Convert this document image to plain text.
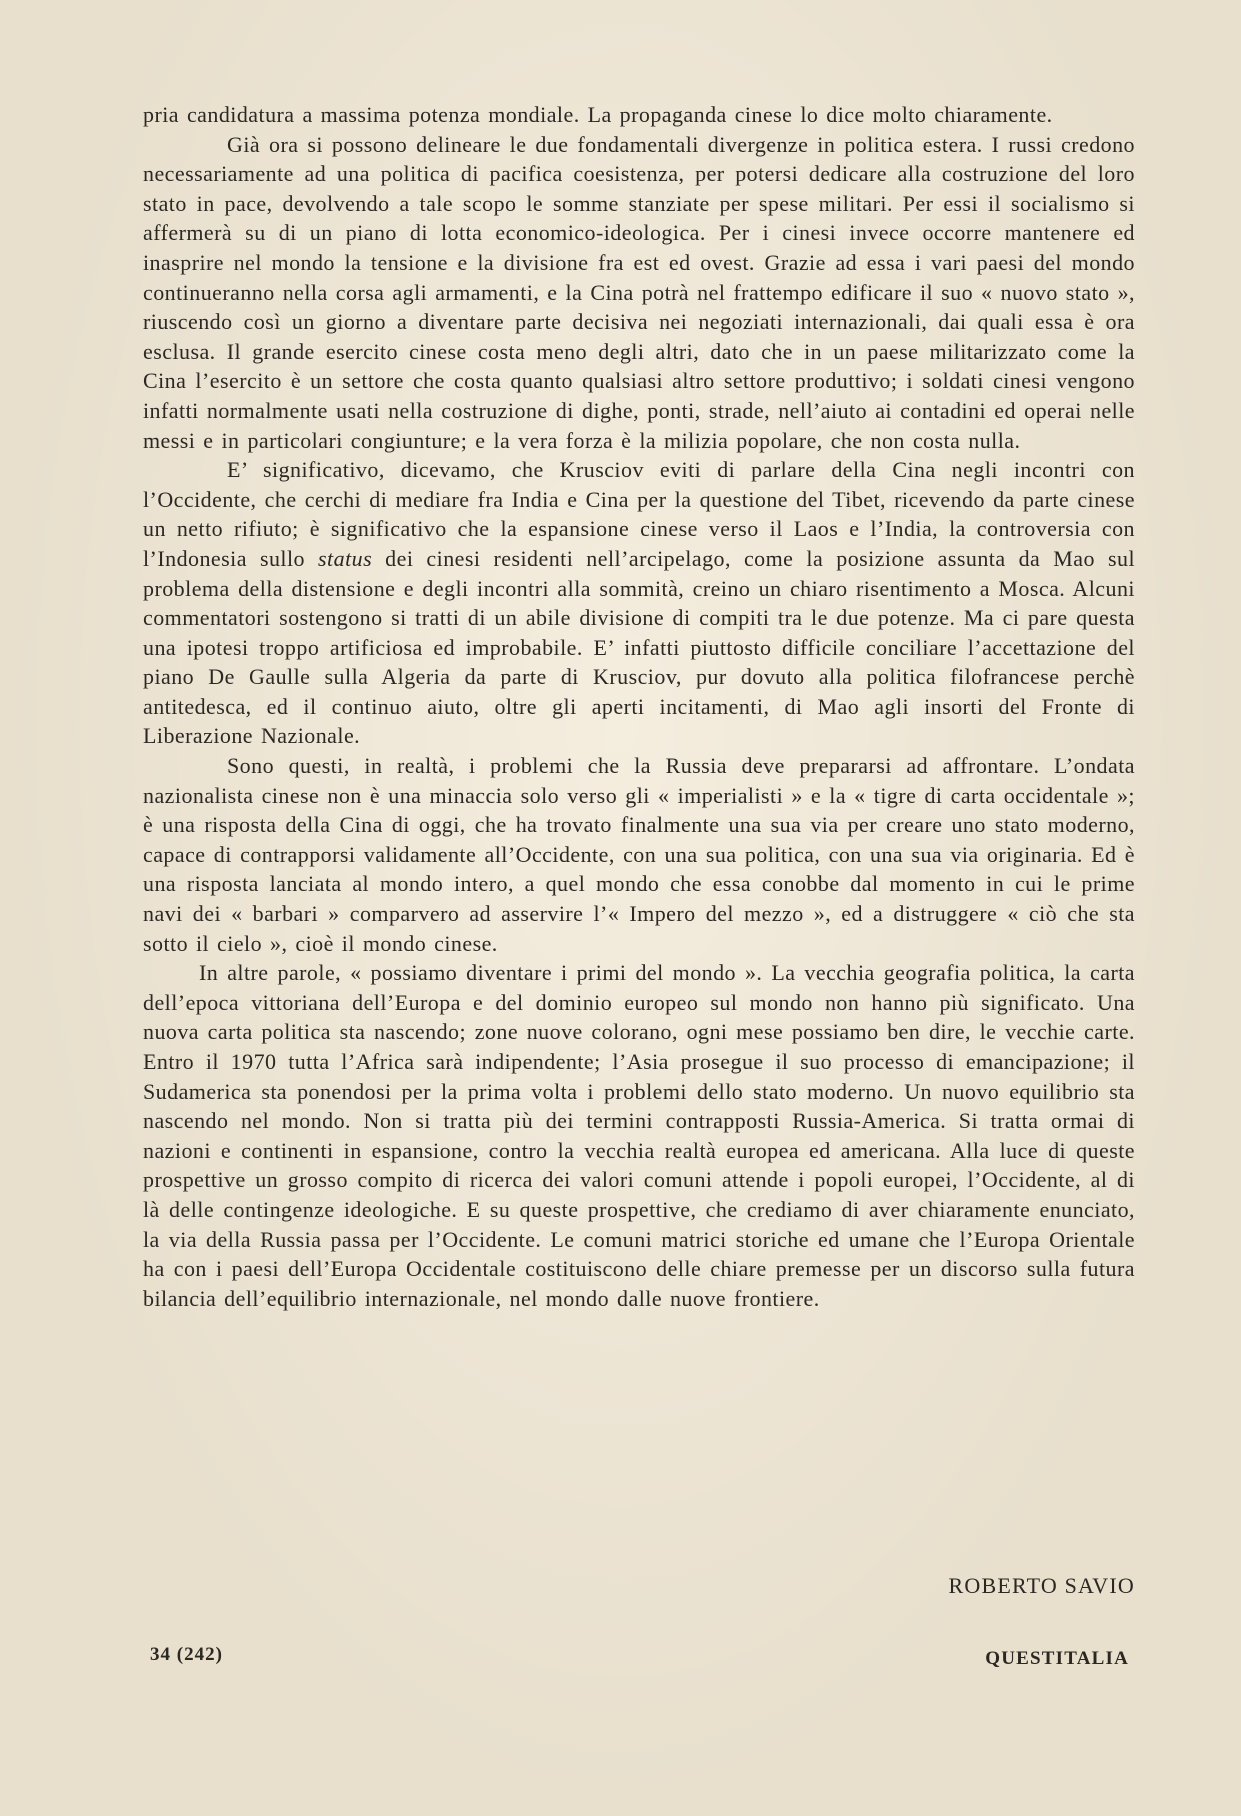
pria candidatura a massima potenza mondiale. La propaganda cinese lo dice molto chiaramente.

Già ora si possono delineare le due fondamentali divergenze in politica estera. I russi credono necessariamente ad una politica di pacifica coesistenza, per potersi dedicare alla costruzione del loro stato in pace, devolvendo a tale scopo le somme stanziate per spese militari. Per essi il socialismo si affermerà su di un piano di lotta economico-ideologica. Per i cinesi invece occorre mantenere ed inasprire nel mondo la tensione e la divisione fra est ed ovest. Grazie ad essa i vari paesi del mondo continueranno nella corsa agli armamenti, e la Cina potrà nel frattempo edificare il suo « nuovo stato », riuscendo così un giorno a diventare parte decisiva nei negoziati internazionali, dai quali essa è ora esclusa. Il grande esercito cinese costa meno degli altri, dato che in un paese militarizzato come la Cina l’esercito è un settore che costa quanto qualsiasi altro settore produttivo; i soldati cinesi vengono infatti normalmente usati nella costruzione di dighe, ponti, strade, nell’aiuto ai contadini ed operai nelle messi e in particolari congiunture; e la vera forza è la milizia popolare, che non costa nulla.

E’ significativo, dicevamo, che Krusciov eviti di parlare della Cina negli incontri con l’Occidente, che cerchi di mediare fra India e Cina per la questione del Tibet, ricevendo da parte cinese un netto rifiuto; è significativo che la espansione cinese verso il Laos e l’India, la controversia con l’Indonesia sullo status dei cinesi residenti nell’arcipelago, come la posizione assunta da Mao sul problema della distensione e degli incontri alla sommità, creino un chiaro risentimento a Mosca. Alcuni commentatori sostengono si tratti di un abile divisione di compiti tra le due potenze. Ma ci pare questa una ipotesi troppo artificiosa ed improbabile. E’ infatti piuttosto difficile conciliare l’accettazione del piano De Gaulle sulla Algeria da parte di Krusciov, pur dovuto alla politica filofrancese perchè antitedesca, ed il continuo aiuto, oltre gli aperti incitamenti, di Mao agli insorti del Fronte di Liberazione Nazionale.

Sono questi, in realtà, i problemi che la Russia deve prepararsi ad affrontare. L’ondata nazionalista cinese non è una minaccia solo verso gli « imperialisti » e la « tigre di carta occidentale »; è una risposta della Cina di oggi, che ha trovato finalmente una sua via per creare uno stato moderno, capace di contrapporsi validamente all’Occidente, con una sua politica, con una sua via originaria. Ed è una risposta lanciata al mondo intero, a quel mondo che essa conobbe dal momento in cui le prime navi dei « barbari » comparvero ad asservire l’« Impero del mezzo », ed a distruggere « ciò che sta sotto il cielo », cioè il mondo cinese.

In altre parole, « possiamo diventare i primi del mondo ». La vecchia geografia politica, la carta dell’epoca vittoriana dell’Europa e del dominio europeo sul mondo non hanno più significato. Una nuova carta politica sta nascendo; zone nuove colorano, ogni mese possiamo ben dire, le vecchie carte. Entro il 1970 tutta l’Africa sarà indipendente; l’Asia prosegue il suo processo di emancipazione; il Sudamerica sta ponendosi per la prima volta i problemi dello stato moderno. Un nuovo equilibrio sta nascendo nel mondo. Non si tratta più dei termini contrapposti Russia-America. Si tratta ormai di nazioni e continenti in espansione, contro la vecchia realtà europea ed americana. Alla luce di queste prospettive un grosso compito di ricerca dei valori comuni attende i popoli europei, l’Occidente, al di là delle contingenze ideologiche. E su queste prospettive, che crediamo di aver chiaramente enunciato, la via della Russia passa per l’Occidente. Le comuni matrici storiche ed umane che l’Europa Orientale ha con i paesi dell’Europa Occidentale costituiscono delle chiare premesse per un discorso sulla futura bilancia dell’equilibrio internazionale, nel mondo dalle nuove frontiere.

ROBERTO SAVIO
34 (242)	QUESTITALIA
